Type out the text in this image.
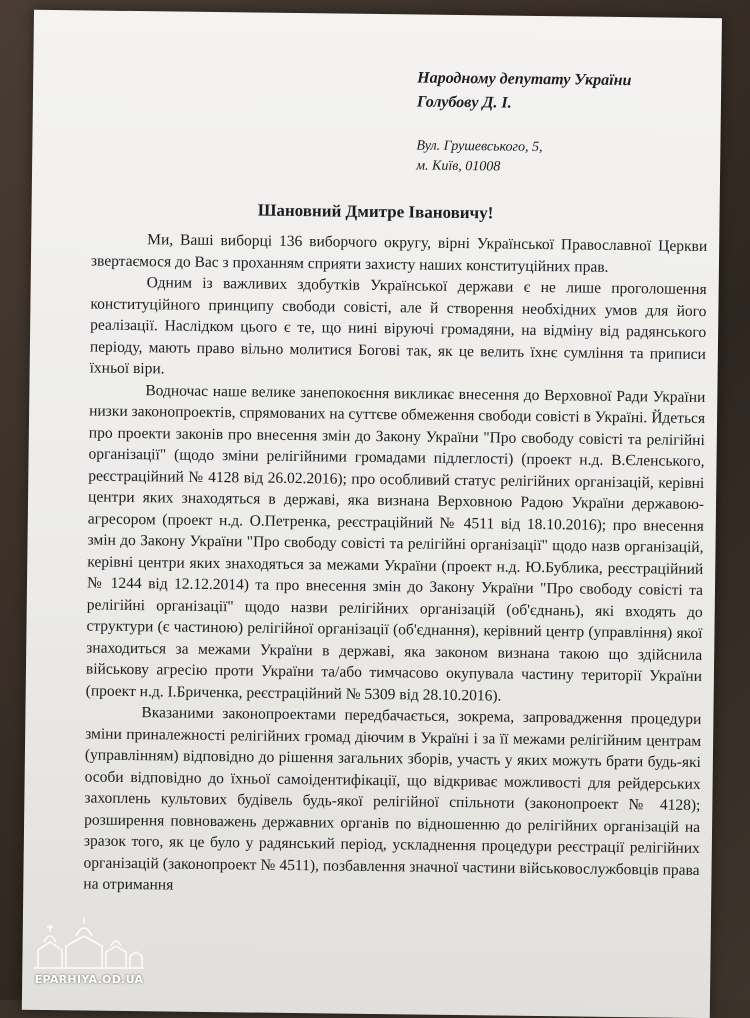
Народному депутату України
Голубову Д. І.
Вул. Грушевського, 5,
м. Київ, 01008
Шановний Дмитре Івановичу!

Ми, Ваші виборці 136 виборчого округу, вірні Української Православної Церкви звертаємося до Вас з проханням сприяти захисту наших конституційних прав.

Одним із важливих здобутків Української держави є не лише проголошення конституційного принципу свободи совісті, але й створення необхідних умов для його реалізації. Наслідком цього є те, що нині віруючі громадяни, на відміну від радянського періоду, мають право вільно молитися Богові так, як це велить їхнє сумління та приписи їхньої віри.

Водночас наше велике занепокоєння викликає внесення до Верховної Ради України низки законопроектів, спрямованих на суттєве обмеження свободи совісті в Україні. Йдеться про проекти законів про внесення змін до Закону України "Про свободу совісті та релігійні організації" (щодо зміни релігійними громадами підлеглості) (проект н.д. В.Єленського, реєстраційний № 4128 від 26.02.2016); про особливий статус релігійних організацій, керівні центри яких знаходяться в державі, яка визнана Верховною Радою України державою-агресором (проект н.д. О.Петренка, реєстраційний № 4511 від 18.10.2016); про внесення змін до Закону України "Про свободу совісті та релігійні організації" щодо назв організацій, керівні центри яких знаходяться за межами України (проект н.д. Ю.Бублика, реєстраційний № 1244 від 12.12.2014) та про внесення змін до Закону України "Про свободу совісті та релігійні організації" щодо назви релігійних організацій (об'єднань), які входять до структури (є частиною) релігійної організації (об'єднання), керівний центр (управління) якої знаходиться за межами України в державі, яка законом визнана такою що здійснила військову агресію проти України та/або тимчасово окупувала частину території України (проект н.д. І.Бриченка, реєстраційний № 5309 від 28.10.2016).

Вказаними законопроектами передбачається, зокрема, запровадження процедури зміни приналежності релігійних громад діючим в Україні і за її межами релігійним центрам (управлінням) відповідно до рішення загальних зборів, участь у яких можуть брати будь-які особи відповідно до їхньої самоідентифікації, що відкриває можливості для рейдерських захоплень культових будівель будь-якої релігійної спільноти (законопроект № 4128); розширення повноважень державних органів по відношенню до релігійних організацій на зразок того, як це було у радянський період, ускладнення процедури реєстрації релігійних організацій (законопроект № 4511), позбавлення значної частини військовослужбовців права на отримання

EPARHIYA.OD.UA
